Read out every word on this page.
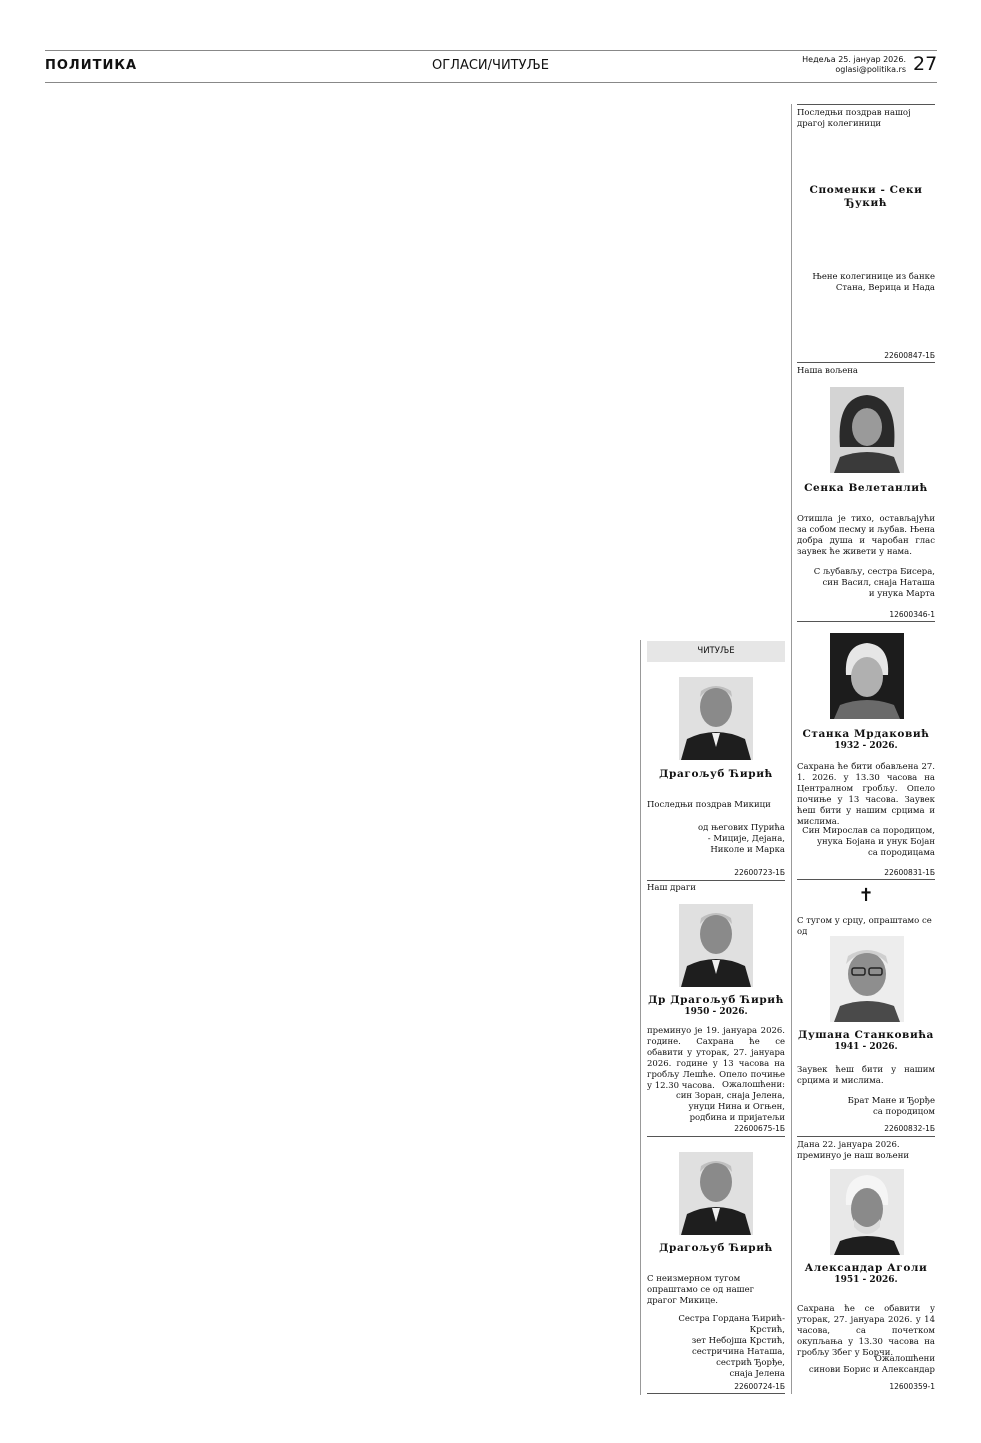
ПОЛИТИКА	ОГЛАСИ/ЧИТУЉЕ	Недеља 25. јануар 2026.
oglasi@politika.rs 27
ЧИТУЉЕ
Драгољуб Ћирић
Последњи поздрав Микици
од његових Пурића
- Миције, Дејана,
Николе и Марка
22600723-1Б
Наш драги
Др Драгољуб Ћирић
1950 - 2026.
преминуо је 19. јануара 2026. године. Сахрана ће се обавити у уторак, 27. јануара 2026. године у 13 часова на гробљу Лешће. Опело почиње у 12.30 часова. Ожалошћени:
син Зоран, снаја Јелена,
унуци Нина и Огњен,
родбина и пријатељи
22600675-1Б
Драгољуб Ћирић
С неизмерном тугом опраштамо се од нашег драгог Микице.
Сестра Гордана Ћирић-Крстић,
зет Небојша Крстић,
сестричина Наташа,
сестрић Ђорђе,
снаја Јелена
22600724-1Б
Последњи поздрав нашој драгој колегиници
Споменки - Секи
Ђукић
Њене колегинице из банке
Стана, Верица и Нада
22600847-1Б
Наша вољена
Сенка Велетанлић
Отишла је тихо, остављајући за собом песму и љубав. Њена добра душа и чаробан глас заувек ће живети у нама.
С љубављу, сестра Бисера,
син Васил, снаја Наташа
и унука Марта
12600346-1
Станка Мрдаковић
1932 - 2026.
Сахрана ће бити обављена 27. 1. 2026. у 13.30 часова на Централном гробљу. Опело почиње у 13 часова. Заувек ћеш бити у нашим срцима и мислима.
Син Мирослав са породицом,
унука Бојана и унук Бојан
са породицама
22600831-1Б
✝
С тугом у срцу, опраштамо се од
Душана Станковића
1941 - 2026.
Заувек ћеш бити у нашим срцима и мислима.
Брат Мане и Ђорђе
са породицом
22600832-1Б
Дана 22. јануара 2026. преминуо је наш вољени
Александар Аголи
1951 - 2026.
Сахрана ће се обавити у уторак, 27. јануара 2026. у 14 часова, са почетком окупљања у 13.30 часова на гробљу Збег у Борчи.
Ожалошћени
синови Борис и Александар
12600359-1
